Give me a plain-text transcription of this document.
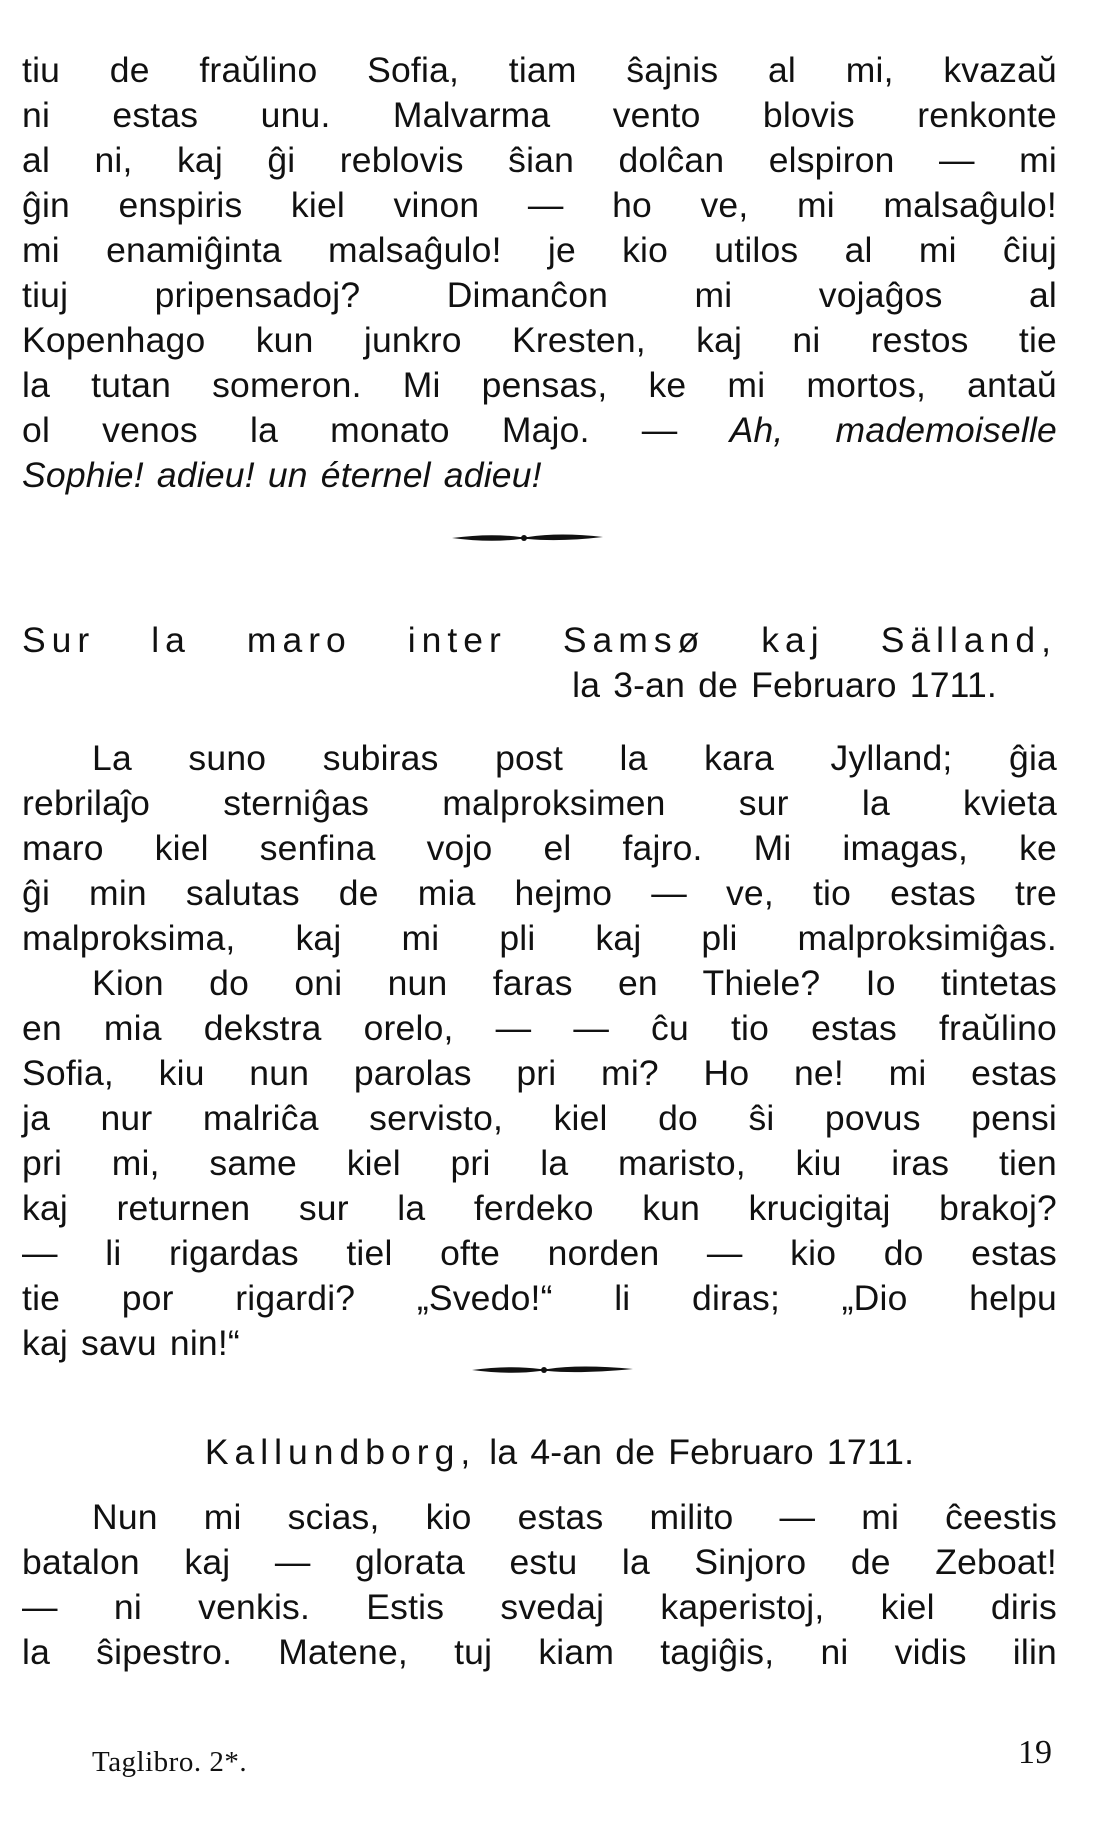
tiu de fraŭlino Sofia, tiam ŝajnis al mi, kvazaŭ
ni estas unu. Malvarma vento blovis renkonte
al ni, kaj ĝi reblovis ŝian dolĉan elspiron — mi
ĝin enspiris kiel vinon — ho ve, mi malsaĝulo!
mi enamiĝinta malsaĝulo! je kio utilos al mi ĉiuj
tiuj pripensadoj? Dimanĉon mi vojaĝos al
Kopenhago kun junkro Kresten, kaj ni restos tie
la tutan someron. Mi pensas, ke mi mortos, antaŭ
ol venos la monato Majo. — Ah, mademoiselle
Sophie! adieu! un éternel adieu!
Sur la maro inter Samsø kaj Sälland,
la 3-an de Februaro 1711.
La suno subiras post la kara Jylland; ĝia
rebrilaĵo sterniĝas malproksimen sur la kvieta
maro kiel senfina vojo el fajro. Mi imagas, ke
ĝi min salutas de mia hejmo — ve, tio estas tre
malproksima, kaj mi pli kaj pli malproksimiĝas.
Kion do oni nun faras en Thiele? Io tintetas
en mia dekstra orelo, — — ĉu tio estas fraŭlino
Sofia, kiu nun parolas pri mi? Ho ne! mi estas
ja nur malriĉa servisto, kiel do ŝi povus pensi
pri mi, same kiel pri la maristo, kiu iras tien
kaj returnen sur la ferdeko kun krucigitaj brakoj?
— li rigardas tiel ofte norden — kio do estas
tie por rigardi? „Svedo!“ li diras; „Dio helpu
kaj savu nin!“
Kallundborg, la 4-an de Februaro 1711.
Nun mi scias, kio estas milito — mi ĉeestis
batalon kaj — glorata estu la Sinjoro de Zeboat!
— ni venkis. Estis svedaj kaperistoj, kiel diris
la ŝipestro. Matene, tuj kiam tagiĝis, ni vidis ilin
Taglibro. 2*.	19
